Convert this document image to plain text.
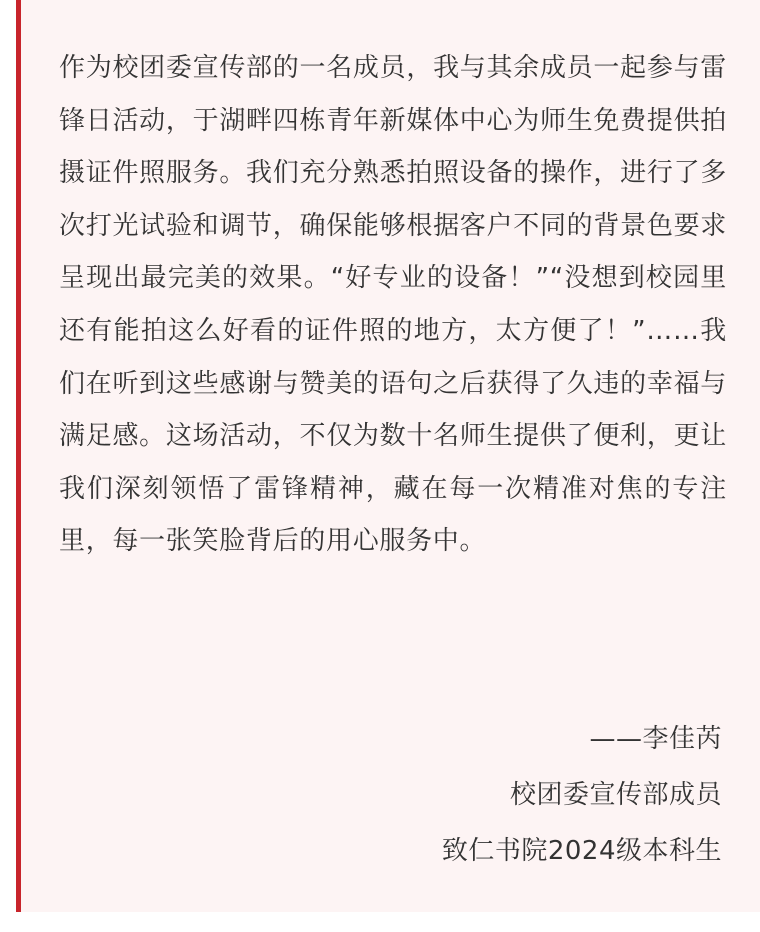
作为校团委宣传部的一名成员，我与其余成员一起参与雷锋日活动，于湖畔四栋青年新媒体中心为师生免费提供拍摄证件照服务。我们充分熟悉拍照设备的操作，进行了多次打光试验和调节，确保能够根据客户不同的背景色要求呈现出最完美的效果。“好专业的设备！”“没想到校园里还有能拍这么好看的证件照的地方，太方便了！”……我们在听到这些感谢与赞美的语句之后获得了久违的幸福与满足感。这场活动，不仅为数十名师生提供了便利，更让我们深刻领悟了雷锋精神，藏在每一次精准对焦的专注里，每一张笑脸背后的用心服务中。

——李佳芮
校团委宣传部成员
致仁书院2024级本科生
